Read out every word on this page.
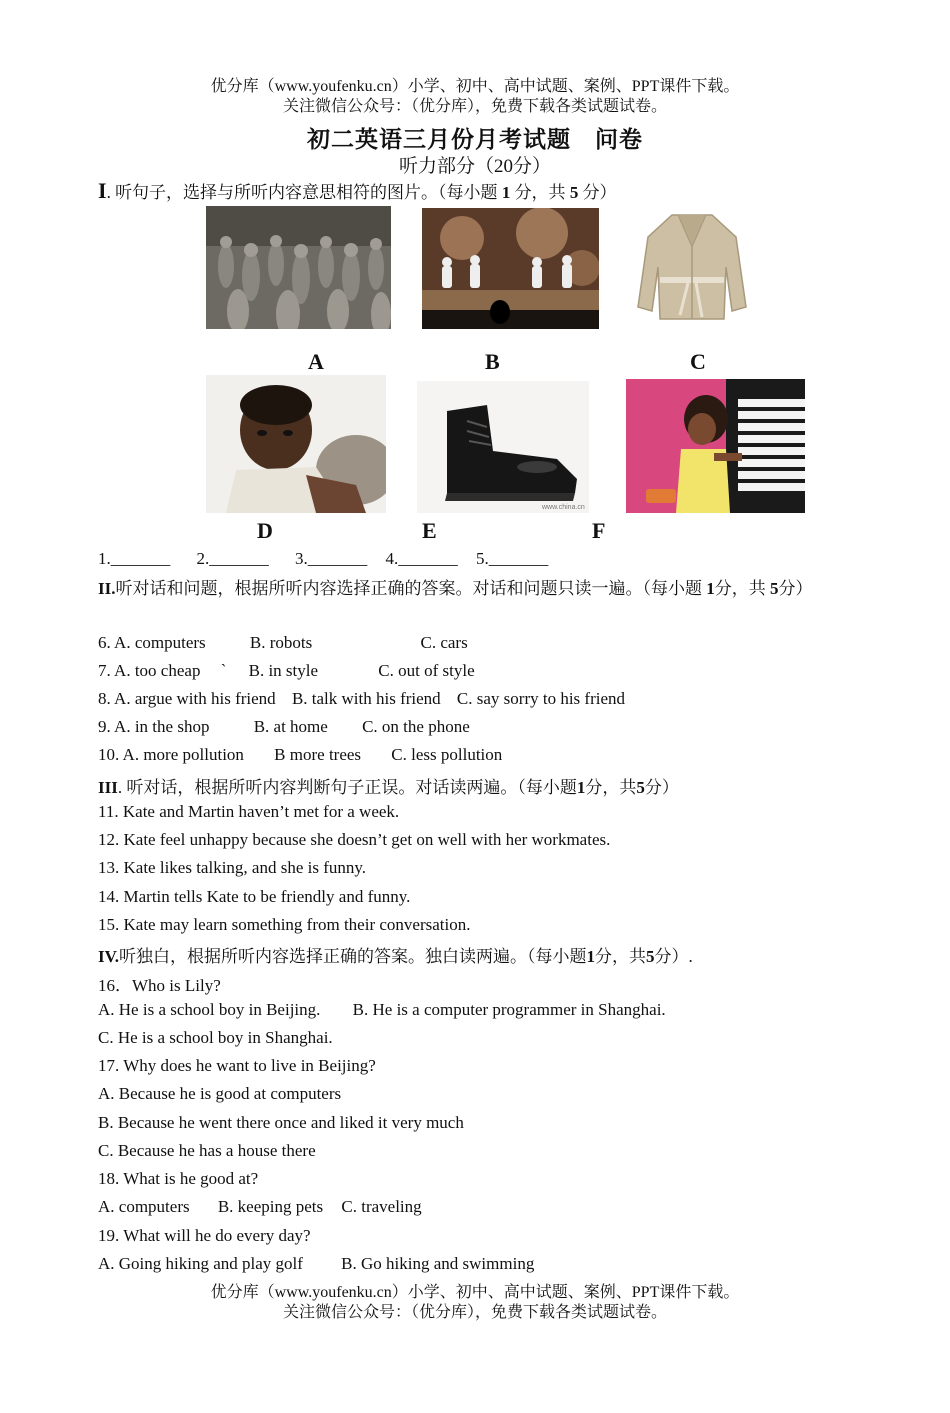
优分库（www.youfenku.cn）小学、初中、高中试题、案例、PPT课件下载。
关注微信公众号：（优分库），免费下载各类试题试卷。
初二英语三月份月考试题　问卷
听力部分（20分）
I. 听句子，选择与所听内容意思相符的图片。（每小题 1 分，共 5 分）
A	B	C
www.china.cn
D	E	F
1._______ 2._______ 3._______ 4._______ 5._______
II.听对话和问题，根据所听内容选择正确的答案。对话和问题只读一遍。（每小题 1分，共 5分）
6. A. computers	B. robots	C. cars
7. A. too cheap ` B. in style	C. out of style
8. A. argue with his friend B. talk with his friend C. say sorry to his friend
9. A. in the shop	B. at home C. on the phone
10. A. more pollution B more trees C. less pollution
III. 听对话，根据所听内容判断句子正误。对话读两遍。（每小题1分，共5分）
11. Kate and Martin haven’t met for a week.
12. Kate feel unhappy because she doesn’t get on well with her workmates.
13. Kate likes talking, and she is funny.
14. Martin tells Kate to be friendly and funny.
15. Kate may learn something from their conversation.
IV.听独白，根据所听内容选择正确的答案。独白读两遍。（每小题1分，共5分）.
16．Who is Lily?
A. He is a school boy in Beijing. B. He is a computer programmer in Shanghai.
C. He is a school boy in Shanghai.
17. Why does he want to live in Beijing?
A. Because he is good at computers
B. Because he went there once and liked it very much
C. Because he has a house there
18. What is he good at?
A. computers B. keeping pets C. traveling
19. What will he do every day?
A. Going hiking and play golf B. Go hiking and swimming
优分库（www.youfenku.cn）小学、初中、高中试题、案例、PPT课件下载。
关注微信公众号：（优分库），免费下载各类试题试卷。
